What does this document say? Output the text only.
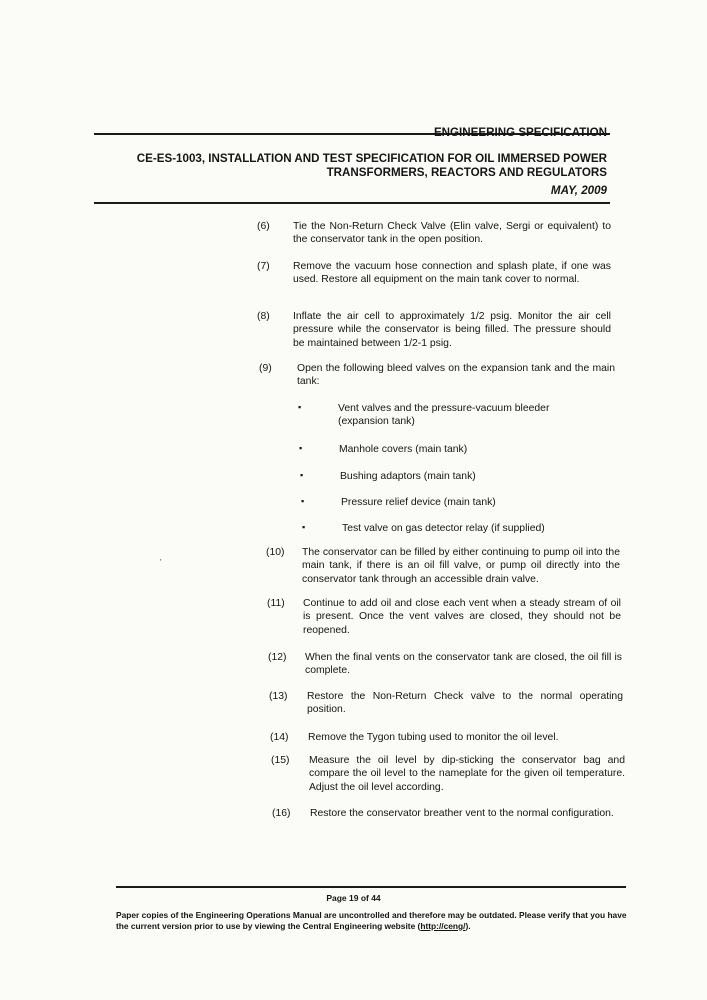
ENGINEERING SPECIFICATION
CE-ES-1003, INSTALLATION AND TEST SPECIFICATION FOR OIL IMMERSED POWER
TRANSFORMERS, REACTORS AND REGULATORS
MAY, 2009
(6) Tie the Non-Return Check Valve (Elin valve, Sergi or equivalent) to the conservator tank in the open position.
(7) Remove the vacuum hose connection and splash plate, if one was used. Restore all equipment on the main tank cover to normal.
(8) Inflate the air cell to approximately 1/2 psig. Monitor the air cell pressure while the conservator is being filled. The pressure should be maintained between 1/2-1 psig.
(9) Open the following bleed valves on the expansion tank and the main tank:
▪	Vent valves and the pressure-vacuum bleeder (expansion tank)
▪	Manhole covers (main tank)
▪	Bushing adaptors (main tank)
▪	Pressure relief device (main tank)
▪	Test valve on gas detector relay (if supplied)
'
(10) The conservator can be filled by either continuing to pump oil into the main tank, if there is an oil fill valve, or pump oil directly into the conservator tank through an accessible drain valve.
(11) Continue to add oil and close each vent when a steady stream of oil is present. Once the vent valves are closed, they should not be reopened.
(12) When the final vents on the conservator tank are closed, the oil fill is complete.
(13) Restore the Non-Return Check valve to the normal operating position.
(14) Remove the Tygon tubing used to monitor the oil level.
(15) Measure the oil level by dip-sticking the conservator bag and compare the oil level to the nameplate for the given oil temperature. Adjust the oil level according.
(16) Restore the conservator breather vent to the normal configuration.
Page 19 of 44
Paper copies of the Engineering Operations Manual are uncontrolled and therefore may be outdated. Please verify that you have the current version prior to use by viewing the Central Engineering website (http://ceng/).
